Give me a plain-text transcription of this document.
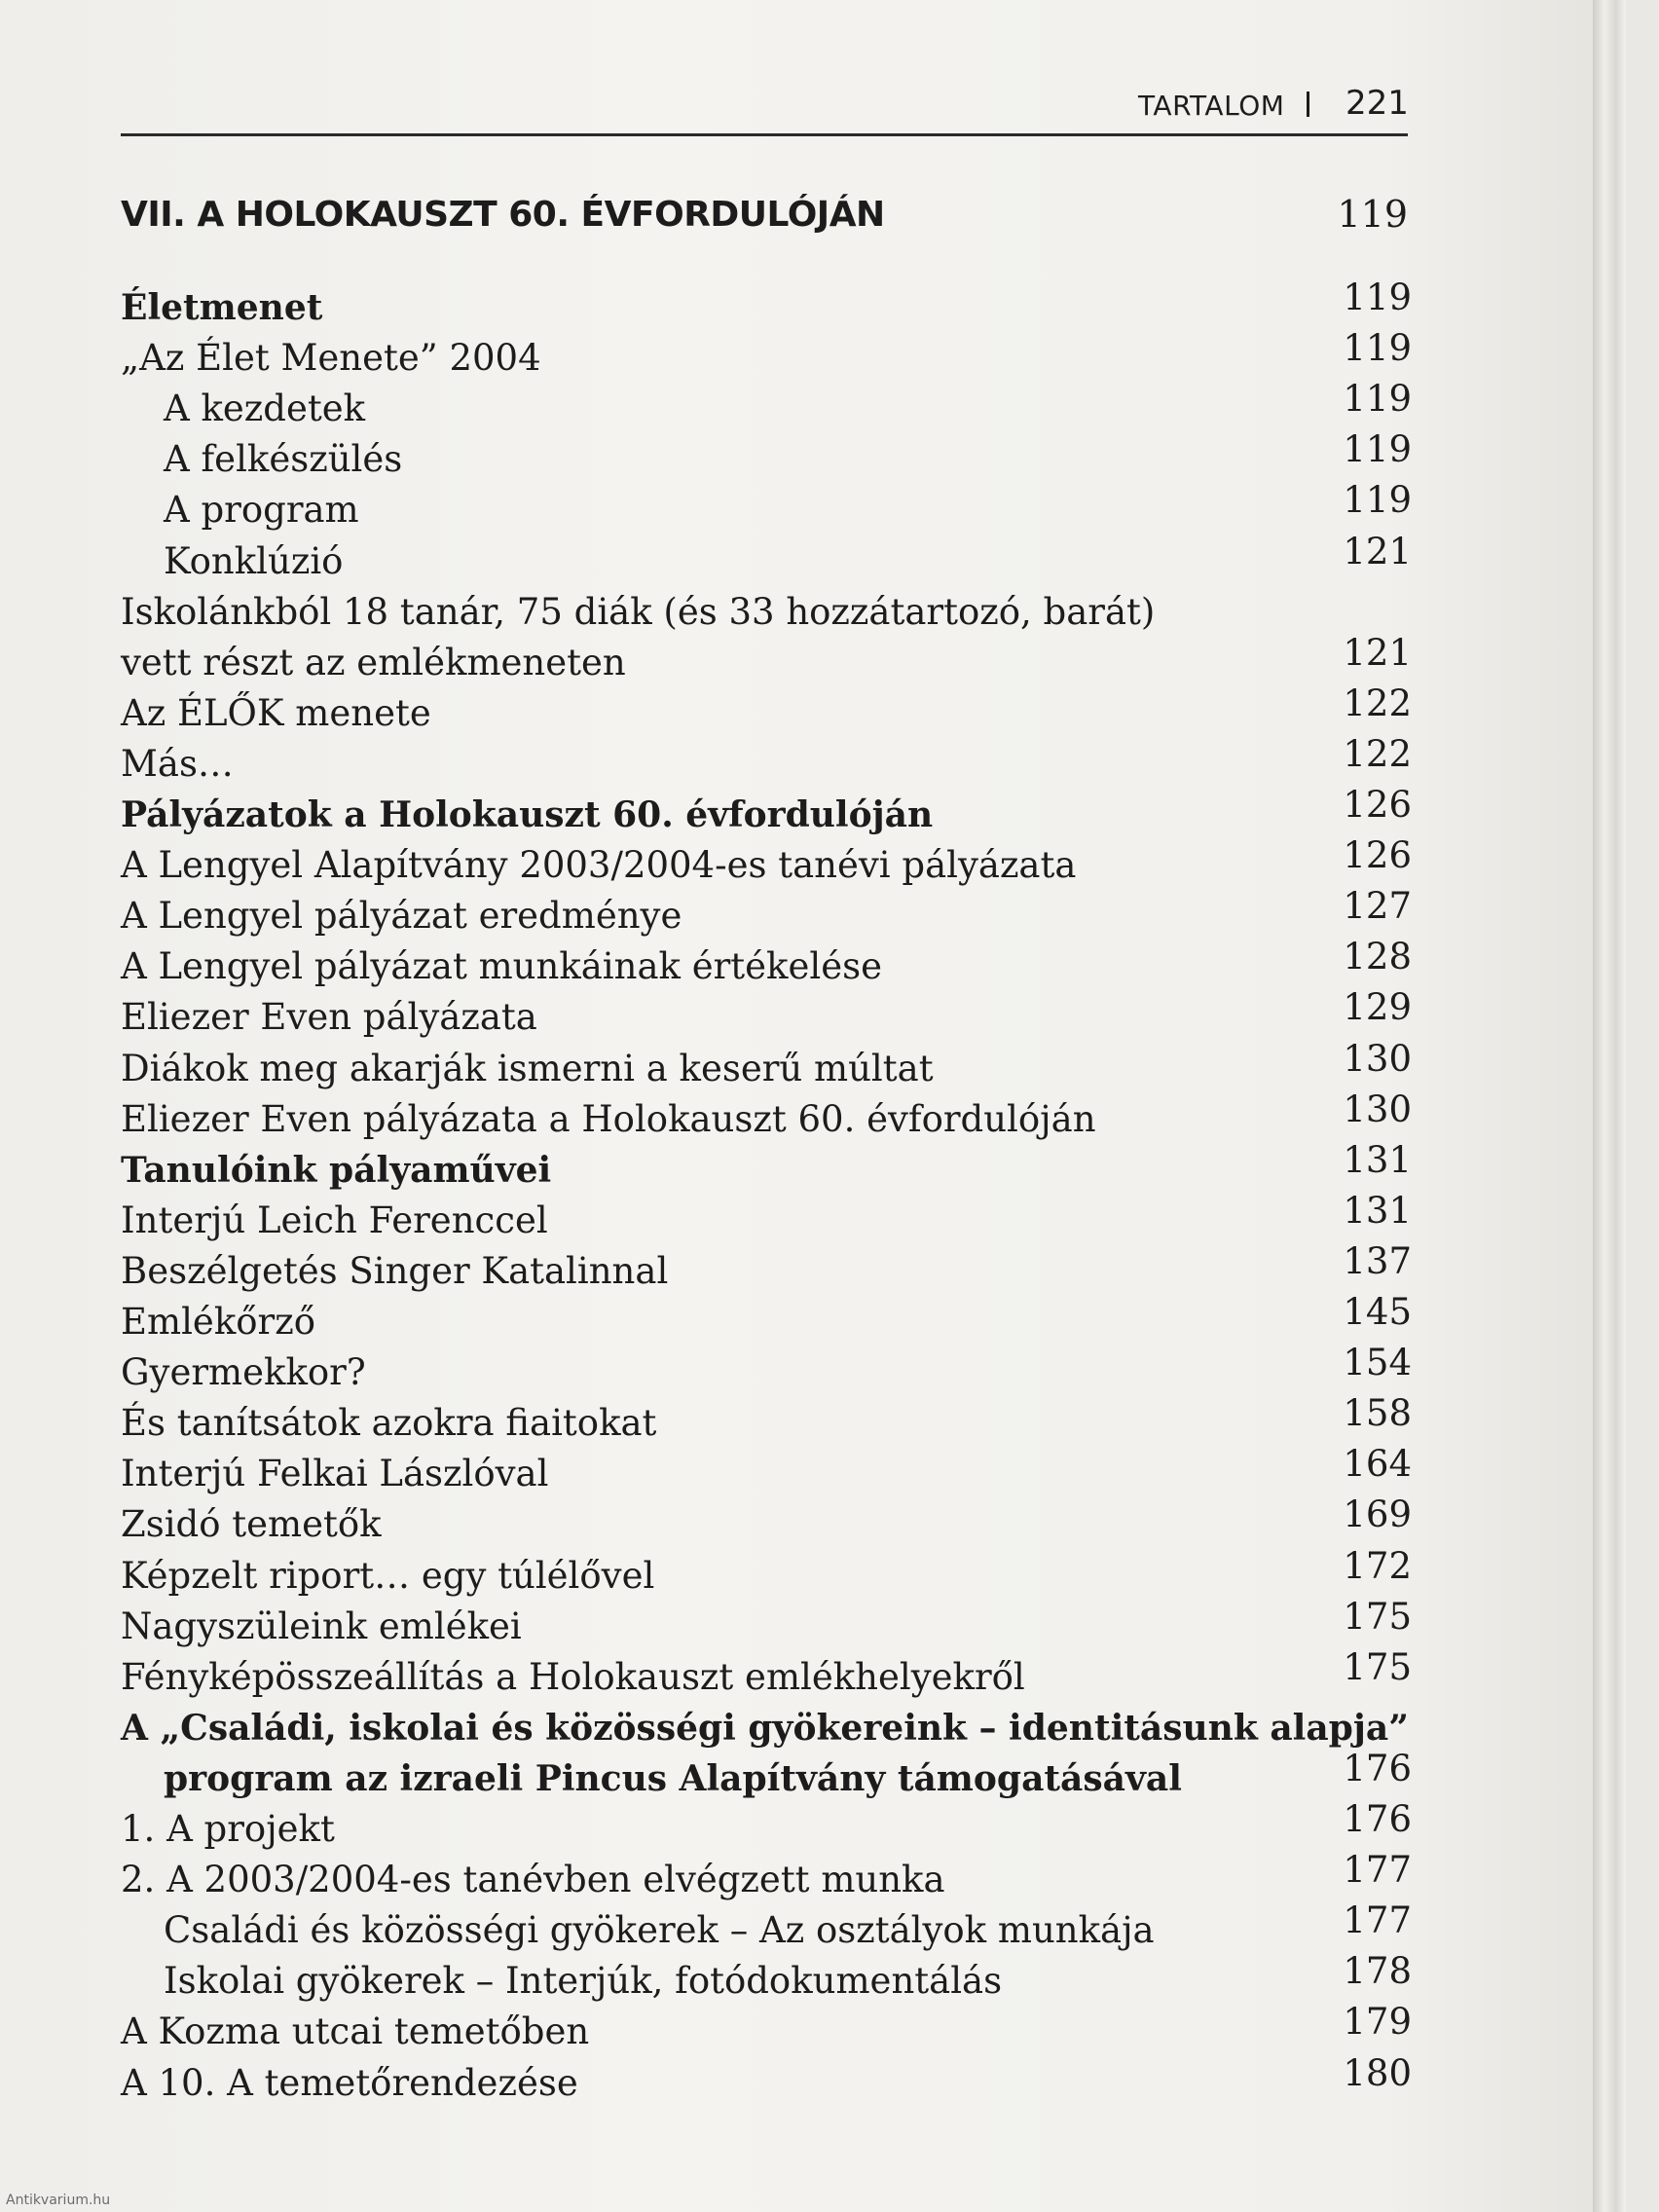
TARTALOM 221
VII. A HOLOKAUSZT 60. ÉVFORDULÓJÁN	119
Életmenet	119
„Az Élet Menete” 2004	119
A kezdetek	119
A felkészülés	119
A program	119
Konklúzió	121
Iskolánkból 18 tanár, 75 diák (és 33 hozzátartozó, barát)
vett részt az emlékmeneten	121
Az ÉLŐK menete	122
Más…	122
Pályázatok a Holokauszt 60. évfordulóján	126
A Lengyel Alapítvány 2003/2004-es tanévi pályázata	126
A Lengyel pályázat eredménye	127
A Lengyel pályázat munkáinak értékelése	128
Eliezer Even pályázata	129
Diákok meg akarják ismerni a keserű múltat	130
Eliezer Even pályázata a Holokauszt 60. évfordulóján	130
Tanulóink pályaművei	131
Interjú Leich Ferenccel	131
Beszélgetés Singer Katalinnal	137
Emlékőrző	145
Gyermekkor?	154
És tanítsátok azokra fiaitokat	158
Interjú Felkai Lászlóval	164
Zsidó temetők	169
Képzelt riport… egy túlélővel	172
Nagyszüleink emlékei	175
Fényképösszeállítás a Holokauszt emlékhelyekről	175
A „Családi, iskolai és közösségi gyökereink – identitásunk alapja”
program az izraeli Pincus Alapítvány támogatásával	176
1. A projekt	176
2. A 2003/2004-es tanévben elvégzett munka	177
Családi és közösségi gyökerek – Az osztályok munkája	177
Iskolai gyökerek – Interjúk, fotódokumentálás	178
A Kozma utcai temetőben	179
A 10. A temetőrendezése	180
Antikvarium.hu
